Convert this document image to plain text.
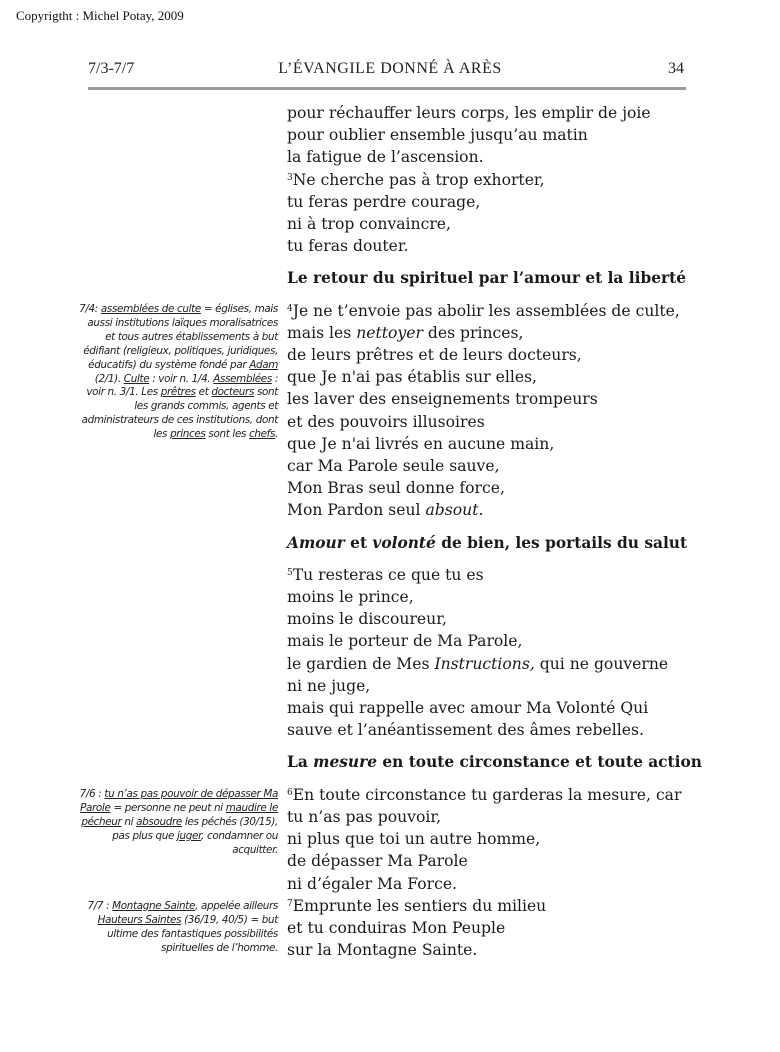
Copyrigtht : Michel Potay, 2009
7/3-7/7	L’ÉVANGILE DONNÉ À ARÈS	34
pour réchauffer leurs corps, les emplir de joie
pour oublier ensemble jusqu’au matin
la fatigue de l’ascension.
$^3$Ne cherche pas à trop exhorter,
tu feras perdre courage,
ni à trop convaincre,
tu feras douter.
Le retour du spirituel par l’amour et la liberté
$^4$Je ne t’envoie pas abolir les assemblées de culte,
mais les nettoyer des princes,
de leurs prêtres et de leurs docteurs,
que Je n'ai pas établis sur elles,
les laver des enseignements trompeurs
et des pouvoirs illusoires
que Je n'ai livrés en aucune main,
car Ma Parole seule sauve,
Mon Bras seul donne force,
Mon Pardon seul absout.
Amour et volonté de bien, les portails du salut
$^5$Tu resteras ce que tu es
moins le prince,
moins le discoureur,
mais le porteur de Ma Parole,
le gardien de Mes Instructions, qui ne gouverne ni ne juge,
mais qui rappelle avec amour Ma Volonté Qui sauve et l’anéantissement des âmes rebelles.
La mesure en toute circonstance et toute action
$^6$En toute circonstance tu garderas la mesure, car
tu n’as pas pouvoir,
ni plus que toi un autre homme,
de dépasser Ma Parole
ni d’égaler Ma Force.
$^7$Emprunte les sentiers du milieu
et tu conduiras Mon Peuple
sur la Montagne Sainte.
7/4: assemblées de culte = églises, mais aussi institutions laïques moralisatrices et tous autres établissements à but édifiant (religieux, politiques, juridiques, éducatifs) du système fondé par Adam (2/1). Culte : voir n. 1/4. Assemblées : voir n. 3/1. Les prêtres et docteurs sont les grands commis, agents et administrateurs de ces institutions, dont les princes sont les chefs.
7/6 : tu n’as pas pouvoir de dépasser Ma Parole = personne ne peut ni maudire le pécheur ni absoudre les péchés (30/15), pas plus que juger, condamner ou acquitter.
7/7 : Montagne Sainte, appelée ailleurs Hauteurs Saintes (36/19, 40/5) = but ultime des fantastiques possibilités spirituelles de l’homme.
